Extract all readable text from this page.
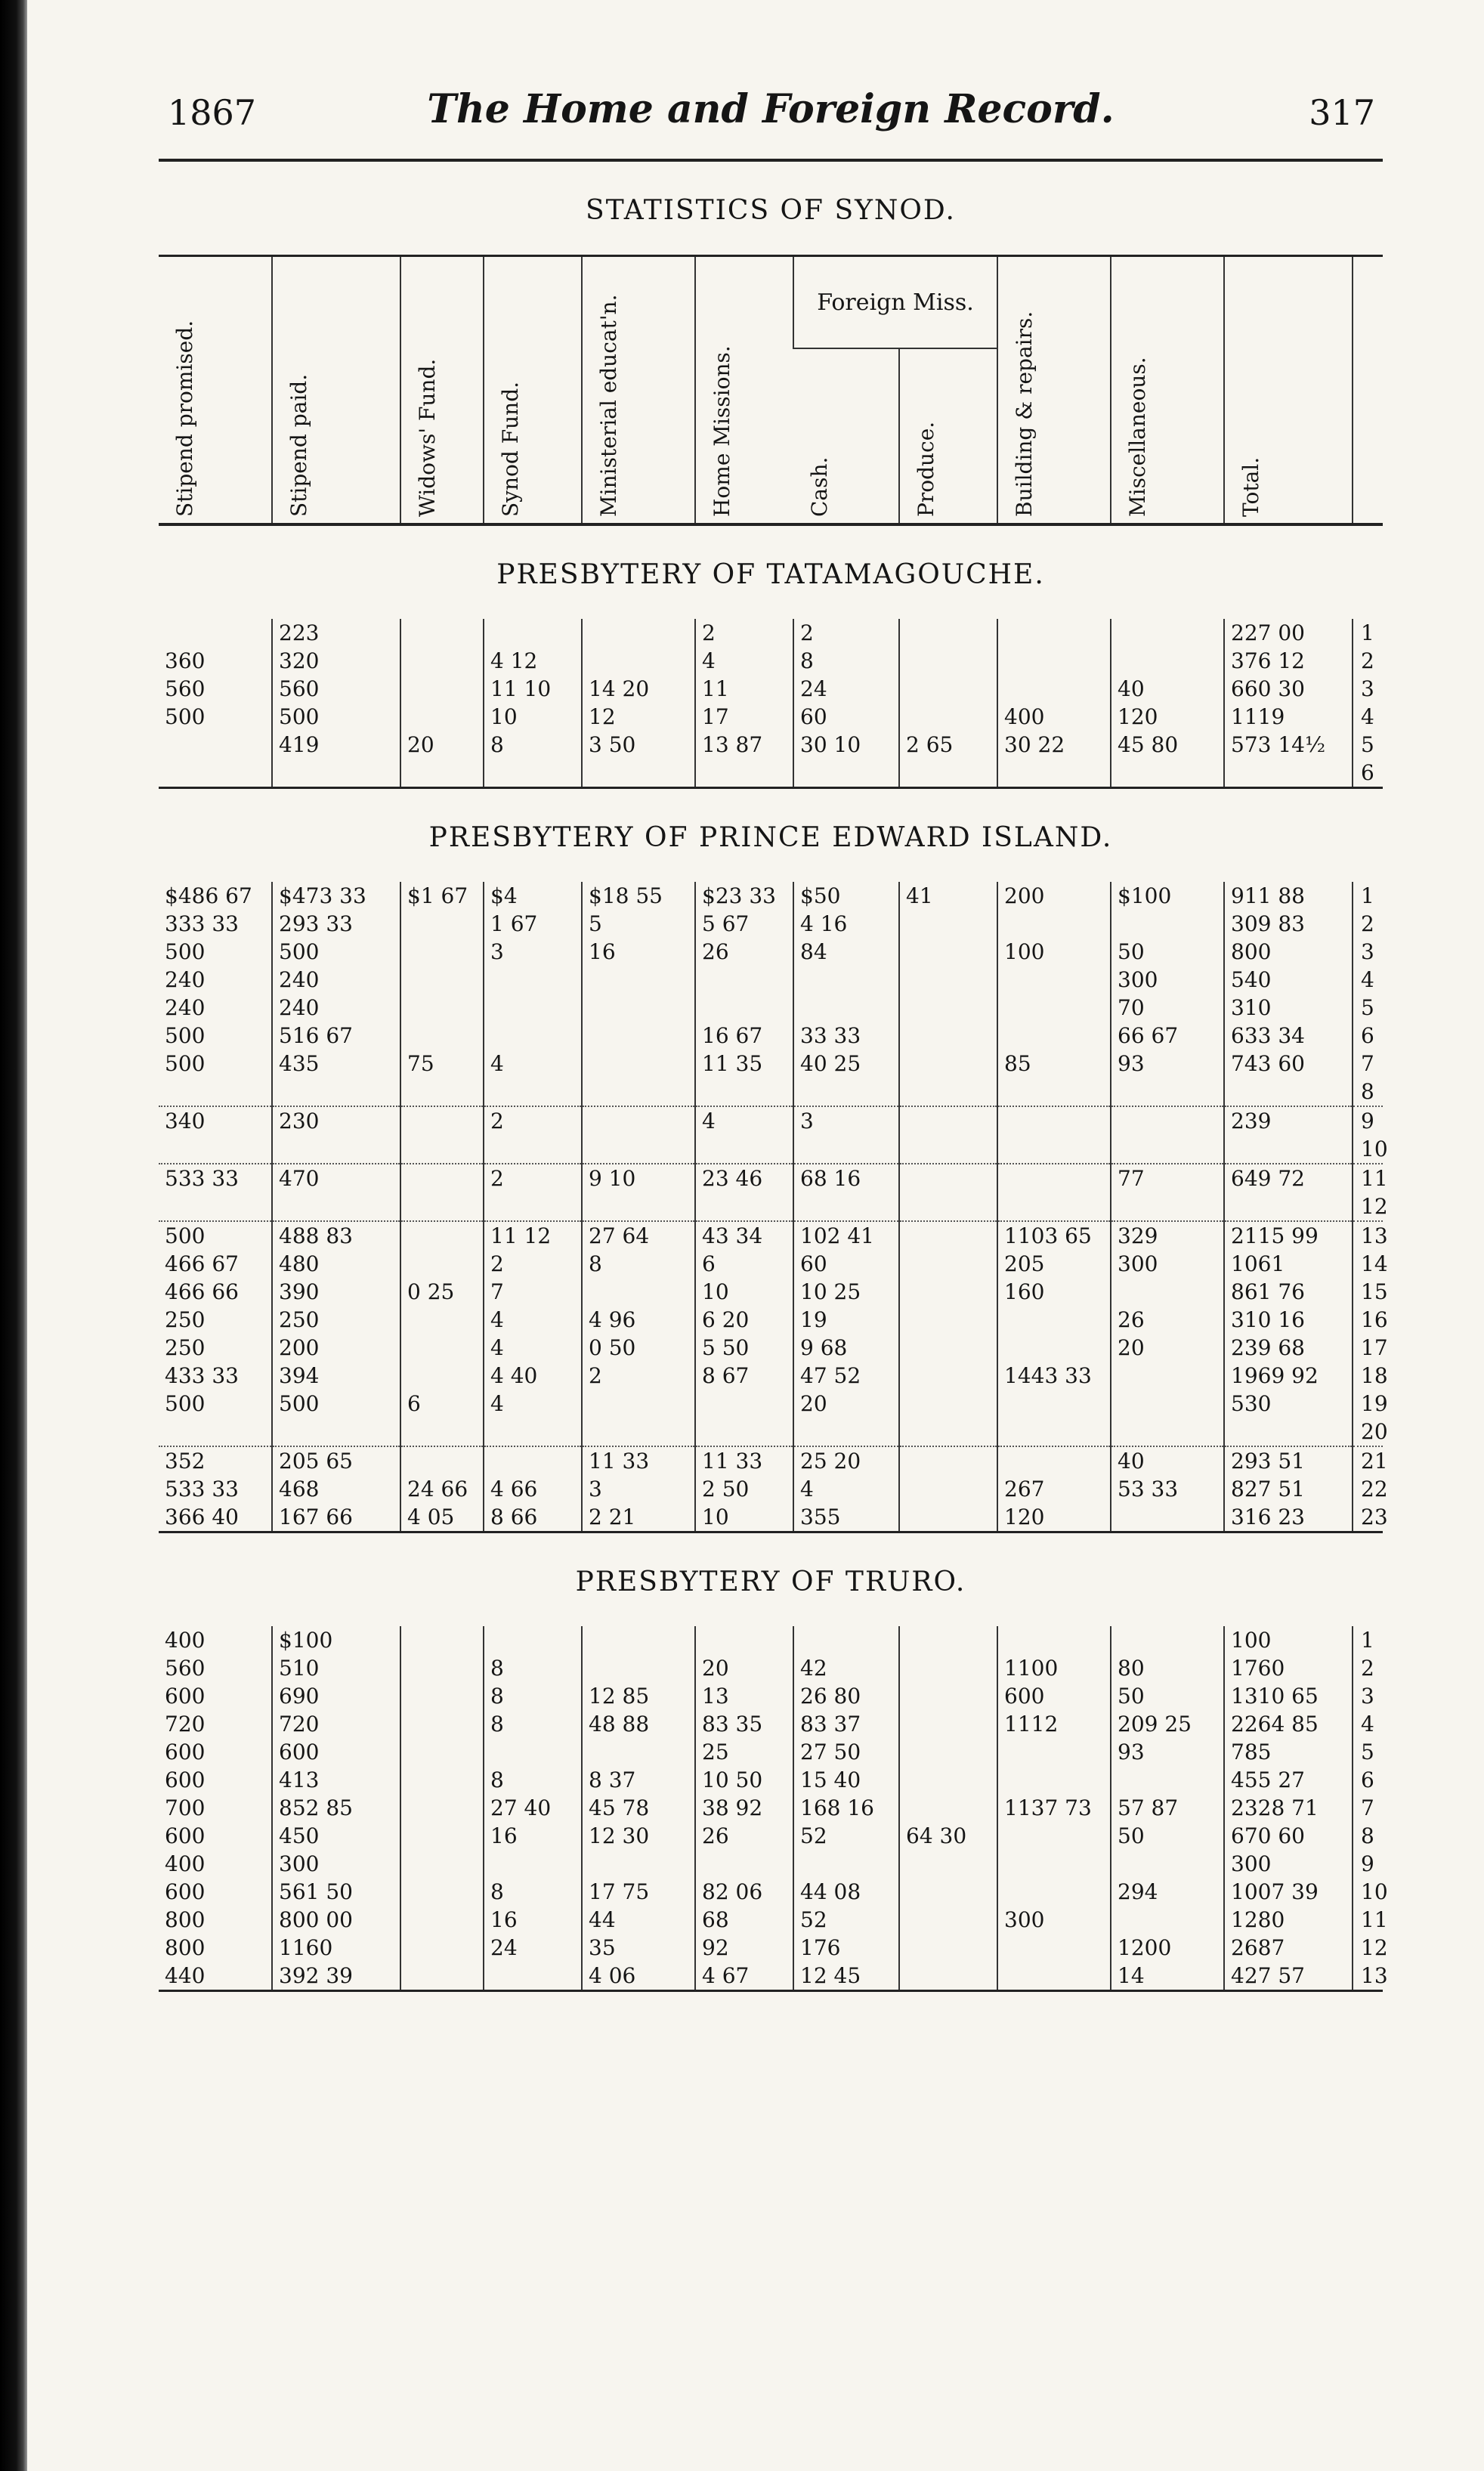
1867	The Home and Foreign Record.	317
STATISTICS OF SYNOD.
Stipend promised.	Stipend paid.	Widows' Fund.	Synod Fund.	Ministerial educat'n.	Home Missions.	Foreign Miss.		Building & repairs.	Miscellaneous.	Total.	

						Cash.	Produce.				
PRESBYTERY OF TATAMAGOUCHE.
	223				2	2				227 00	1
360	320		4 12		4	8				376 12	2
560	560		11 10	14 20	11	24			40	660 30	3
500	500		10	12	17	60		400	120	1119	4
	419	20	8	3 50	13 87	30 10	2 65	30 22	45 80	573 14½	5
											6
PRESBYTERY OF PRINCE EDWARD ISLAND.
$486 67	$473 33	$1 67	$4	$18 55	$23 33	$50	41	200	$100	911 88	1
333 33	293 33		1 67	5	5 67	4 16				309 83	2
500	500		3	16	26	84		100	50	800	3
240	240								300	540	4
240	240								70	310	5
500	516 67				16 67	33 33			66 67	633 34	6
500	435	75	4		11 35	40 25		85	93	743 60	7
											8
340	230		2		4	3				239	9
											10
533 33	470		2	9 10	23 46	68 16			77	649 72	11
											12
500	488 83		11 12	27 64	43 34	102 41		1103 65	329	2115 99	13
466 67	480		2	8	6	60		205	300	1061	14
466 66	390	0 25	7		10	10 25		160		861 76	15
250	250		4	4 96	6 20	19			26	310 16	16
250	200		4	0 50	5 50	9 68			20	239 68	17
433 33	394		4 40	2	8 67	47 52		1443 33		1969 92	18
500	500	6	4			20				530	19
											20
352	205 65			11 33	11 33	25 20			40	293 51	21
533 33	468	24 66	4 66	3	2 50	4		267	53 33	827 51	22
366 40	167 66	4 05	8 66	2 21	10	355		120		316 23	23
PRESBYTERY OF TRURO.
400	$100									100	1
560	510		8		20	42		1100	80	1760	2
600	690		8	12 85	13	26 80		600	50	1310 65	3
720	720		8	48 88	83 35	83 37		1112	209 25	2264 85	4
600	600				25	27 50			93	785	5
600	413		8	8 37	10 50	15 40				455 27	6
700	852 85		27 40	45 78	38 92	168 16		1137 73	57 87	2328 71	7
600	450		16	12 30	26	52	64 30		50	670 60	8
400	300									300	9
600	561 50		8	17 75	82 06	44 08			294	1007 39	10
800	800 00		16	44	68	52		300		1280	11
800	1160		24	35	92	176			1200	2687	12
440	392 39			4 06	4 67	12 45			14	427 57	13
